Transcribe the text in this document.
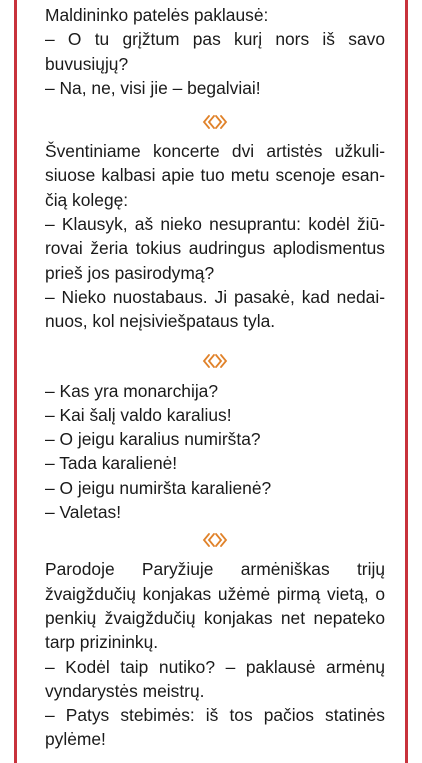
Maldininko patelės paklausė:
– O tu grįžtum pas kurį nors iš savo
buvusiųjų?
– Na, ne, visi jie – begalviai!
Šventiniame koncerte dvi artistės užkuli-
siuose kalbasi apie tuo metu scenoje esan-
čią kolegę:
– Klausyk, aš nieko nesuprantu: kodėl žiū-
rovai žeria tokius audringus aplodismentus
prieš jos pasirodymą?
– Nieko nuostabaus. Ji pasakė, kad nedai-
nuos, kol neįsiviešpataus tyla.
– Kas yra monarchija?
– Kai šalį valdo karalius!
– O jeigu karalius numiršta?
– Tada karalienė!
– O jeigu numiršta karalienė?
– Valetas!
Parodoje Paryžiuje armėniškas trijų
žvaigždučių konjakas užėmė pirmą vietą, o
penkių žvaigždučių konjakas net nepateko
tarp prizininkų.
– Kodėl taip nutiko? – paklausė armėnų
vyndarystės meistrų.
– Patys stebimės: iš tos pačios statinės
pylėme!
